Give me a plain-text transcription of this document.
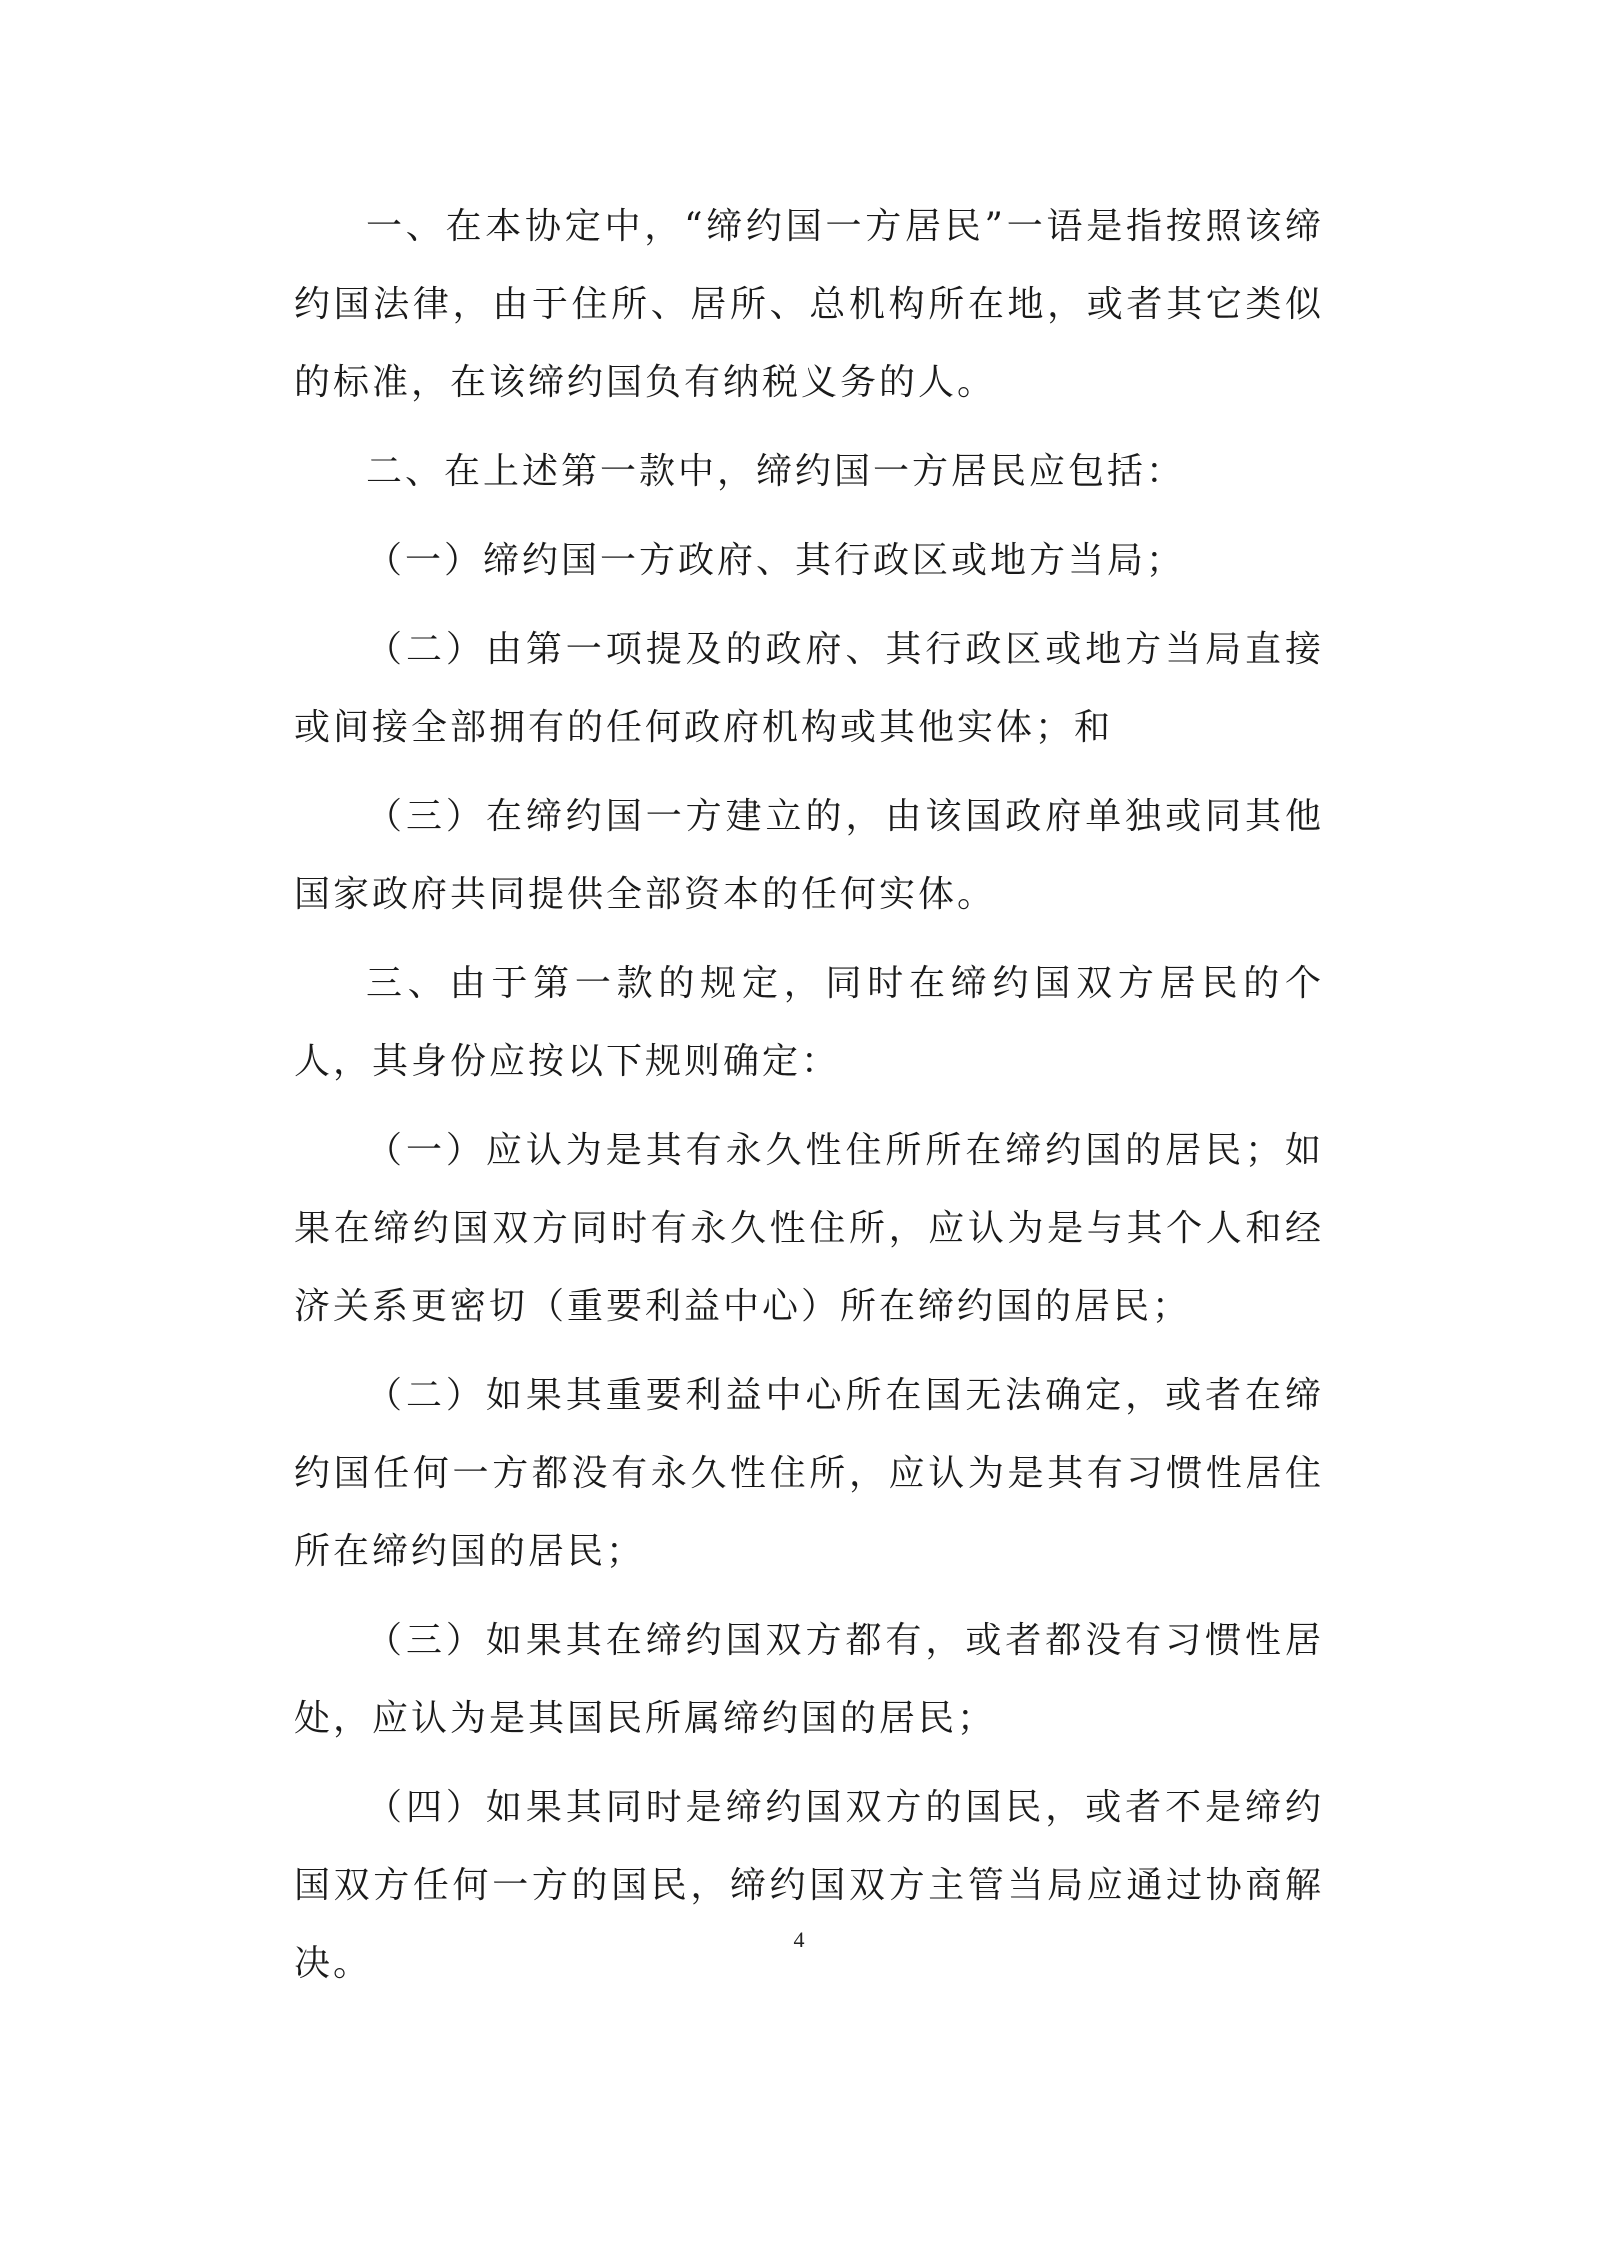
一、在本协定中，“缔约国一方居民”一语是指按照该缔约国法律，由于住所、居所、总机构所在地，或者其它类似的标准，在该缔约国负有纳税义务的人。

二、在上述第一款中，缔约国一方居民应包括：

（一）缔约国一方政府、其行政区或地方当局；

（二）由第一项提及的政府、其行政区或地方当局直接或间接全部拥有的任何政府机构或其他实体；和

（三）在缔约国一方建立的，由该国政府单独或同其他国家政府共同提供全部资本的任何实体。

三、由于第一款的规定，同时在缔约国双方居民的个人，其身份应按以下规则确定：

（一）应认为是其有永久性住所所在缔约国的居民；如果在缔约国双方同时有永久性住所，应认为是与其个人和经济关系更密切（重要利益中心）所在缔约国的居民；

（二）如果其重要利益中心所在国无法确定，或者在缔约国任何一方都没有永久性住所，应认为是其有习惯性居住所在缔约国的居民；

（三）如果其在缔约国双方都有，或者都没有习惯性居处，应认为是其国民所属缔约国的居民；

（四）如果其同时是缔约国双方的国民，或者不是缔约国双方任何一方的国民，缔约国双方主管当局应通过协商解决。

4
